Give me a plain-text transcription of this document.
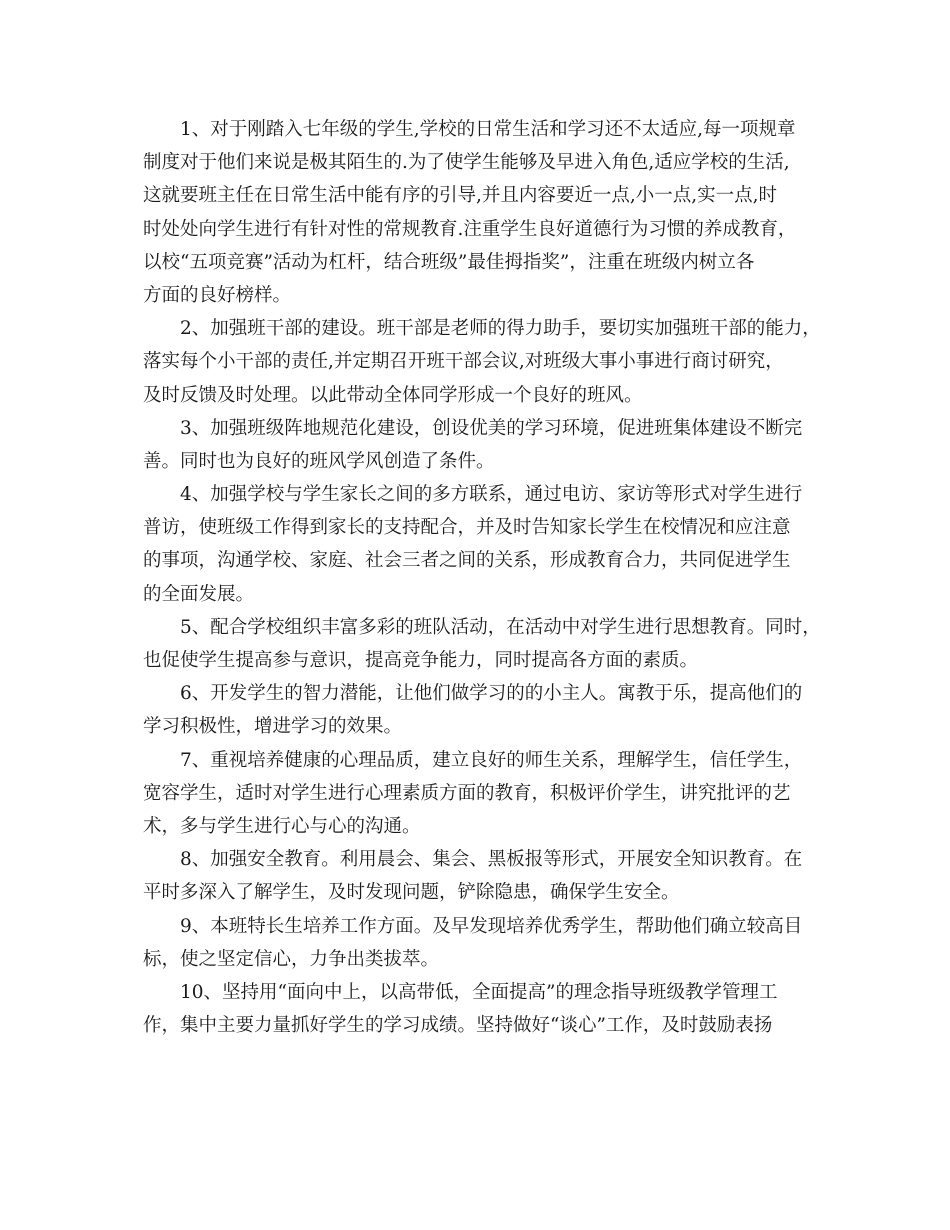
1、对于刚踏入七年级的学生,学校的日常生活和学习还不太适应,每一项规章
制度对于他们来说是极其陌生的.为了使学生能够及早进入角色,适应学校的生活,
这就要班主任在日常生活中能有序的引导,并且内容要近一点,小一点,实一点,时
时处处向学生进行有针对性的常规教育.注重学生良好道德行为习惯的养成教育，
以校“五项竞赛”活动为杠杆，结合班级”最佳拇指奖”，注重在班级内树立各
方面的良好榜样。
2、加强班干部的建设。班干部是老师的得力助手，要切实加强班干部的能力，
落实每个小干部的责任,并定期召开班干部会议,对班级大事小事进行商讨研究，
及时反馈及时处理。以此带动全体同学形成一个良好的班风。
3、加强班级阵地规范化建设，创设优美的学习环境，促进班集体建设不断完
善。同时也为良好的班风学风创造了条件。
4、加强学校与学生家长之间的多方联系，通过电访、家访等形式对学生进行
普访，使班级工作得到家长的支持配合，并及时告知家长学生在校情况和应注意
的事项，沟通学校、家庭、社会三者之间的关系，形成教育合力，共同促进学生
的全面发展。
5、配合学校组织丰富多彩的班队活动，在活动中对学生进行思想教育。同时，
也促使学生提高参与意识，提高竞争能力，同时提高各方面的素质。
6、开发学生的智力潜能，让他们做学习的的小主人。寓教于乐，提高他们的
学习积极性，增进学习的效果。
7、重视培养健康的心理品质，建立良好的师生关系，理解学生，信任学生，
宽容学生，适时对学生进行心理素质方面的教育，积极评价学生，讲究批评的艺
术，多与学生进行心与心的沟通。
8、加强安全教育。利用晨会、集会、黑板报等形式，开展安全知识教育。在
平时多深入了解学生，及时发现问题，铲除隐患，确保学生安全。
9、本班特长生培养工作方面。及早发现培养优秀学生，帮助他们确立较高目
标，使之坚定信心，力争出类拔萃。
10、坚持用“面向中上，以高带低，全面提高”的理念指导班级教学管理工
作，集中主要力量抓好学生的学习成绩。坚持做好“谈心”工作，及时鼓励表扬
